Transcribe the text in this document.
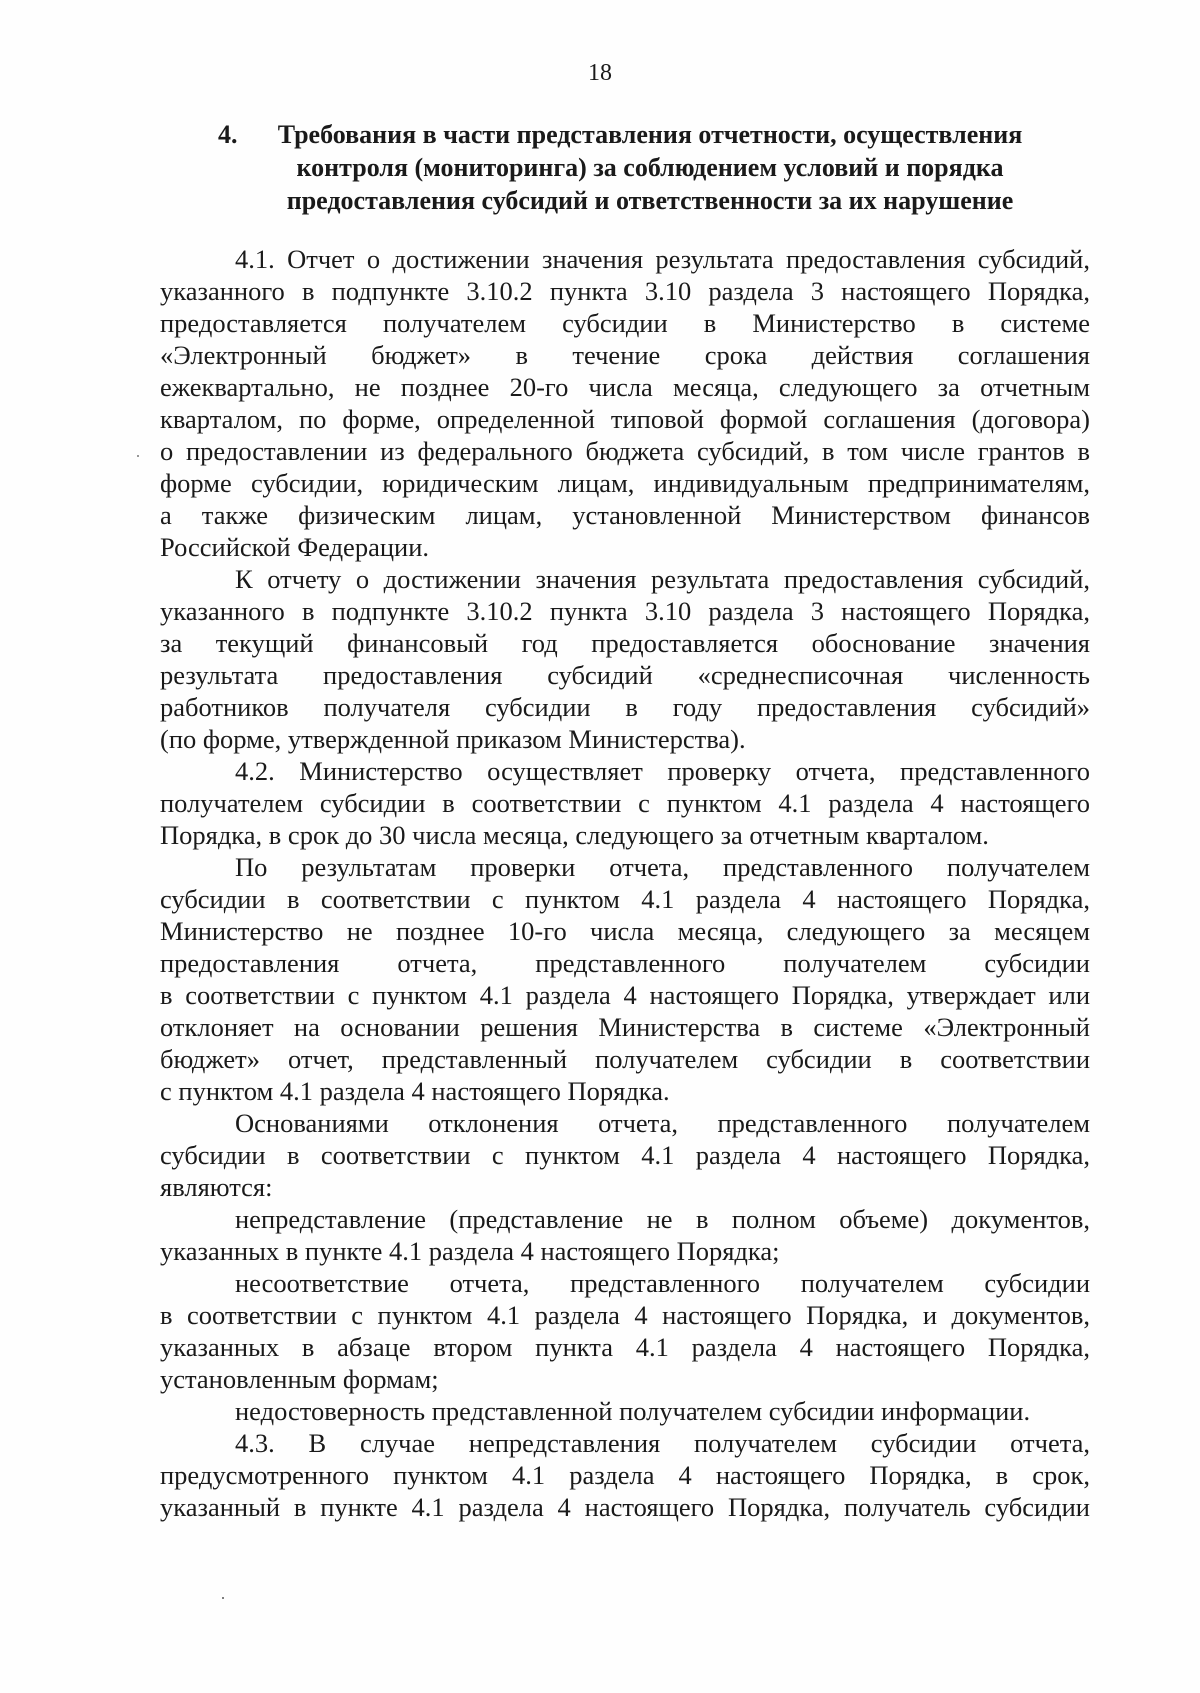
18
4.	Требования в части представления отчетности, осуществления
контроля (мониторинга) за соблюдением условий и порядка
предоставления субсидий и ответственности за их нарушение

4.1. Отчет о достижении значения результата предоставления субсидий,
указанного в подпункте 3.10.2 пункта 3.10 раздела 3 настоящего Порядка,
предоставляется получателем субсидии в Министерство в системе
«Электронный бюджет» в течение срока действия соглашения
ежеквартально, не позднее 20-го числа месяца, следующего за отчетным
кварталом, по форме, определенной типовой формой соглашения (договора)
о предоставлении из федерального бюджета субсидий, в том числе грантов в
форме субсидии, юридическим лицам, индивидуальным предпринимателям,
а также физическим лицам, установленной Министерством финансов
Российской Федерации.

К отчету о достижении значения результата предоставления субсидий,
указанного в подпункте 3.10.2 пункта 3.10 раздела 3 настоящего Порядка,
за текущий финансовый год предоставляется обоснование значения
результата предоставления субсидий «среднесписочная численность
работников получателя субсидии в году предоставления субсидий»
(по форме, утвержденной приказом Министерства).

4.2. Министерство осуществляет проверку отчета, представленного
получателем субсидии в соответствии с пунктом 4.1 раздела 4 настоящего
Порядка, в срок до 30 числа месяца, следующего за отчетным кварталом.

По результатам проверки отчета, представленного получателем
субсидии в соответствии с пунктом 4.1 раздела 4 настоящего Порядка,
Министерство не позднее 10-го числа месяца, следующего за месяцем
предоставления отчета, представленного получателем субсидии
в соответствии с пунктом 4.1 раздела 4 настоящего Порядка, утверждает или
отклоняет на основании решения Министерства в системе «Электронный
бюджет» отчет, представленный получателем субсидии в соответствии
с пунктом 4.1 раздела 4 настоящего Порядка.

Основаниями отклонения отчета, представленного получателем
субсидии в соответствии с пунктом 4.1 раздела 4 настоящего Порядка,
являются:

непредставление (представление не в полном объеме) документов,
указанных в пункте 4.1 раздела 4 настоящего Порядка;

несоответствие отчета, представленного получателем субсидии
в соответствии с пунктом 4.1 раздела 4 настоящего Порядка, и документов,
указанных в абзаце втором пункта 4.1 раздела 4 настоящего Порядка,
установленным формам;

недостоверность представленной получателем субсидии информации.

4.3. В случае непредставления получателем субсидии отчета,
предусмотренного пунктом 4.1 раздела 4 настоящего Порядка, в срок,
указанный в пункте 4.1 раздела 4 настоящего Порядка, получатель субсидии
